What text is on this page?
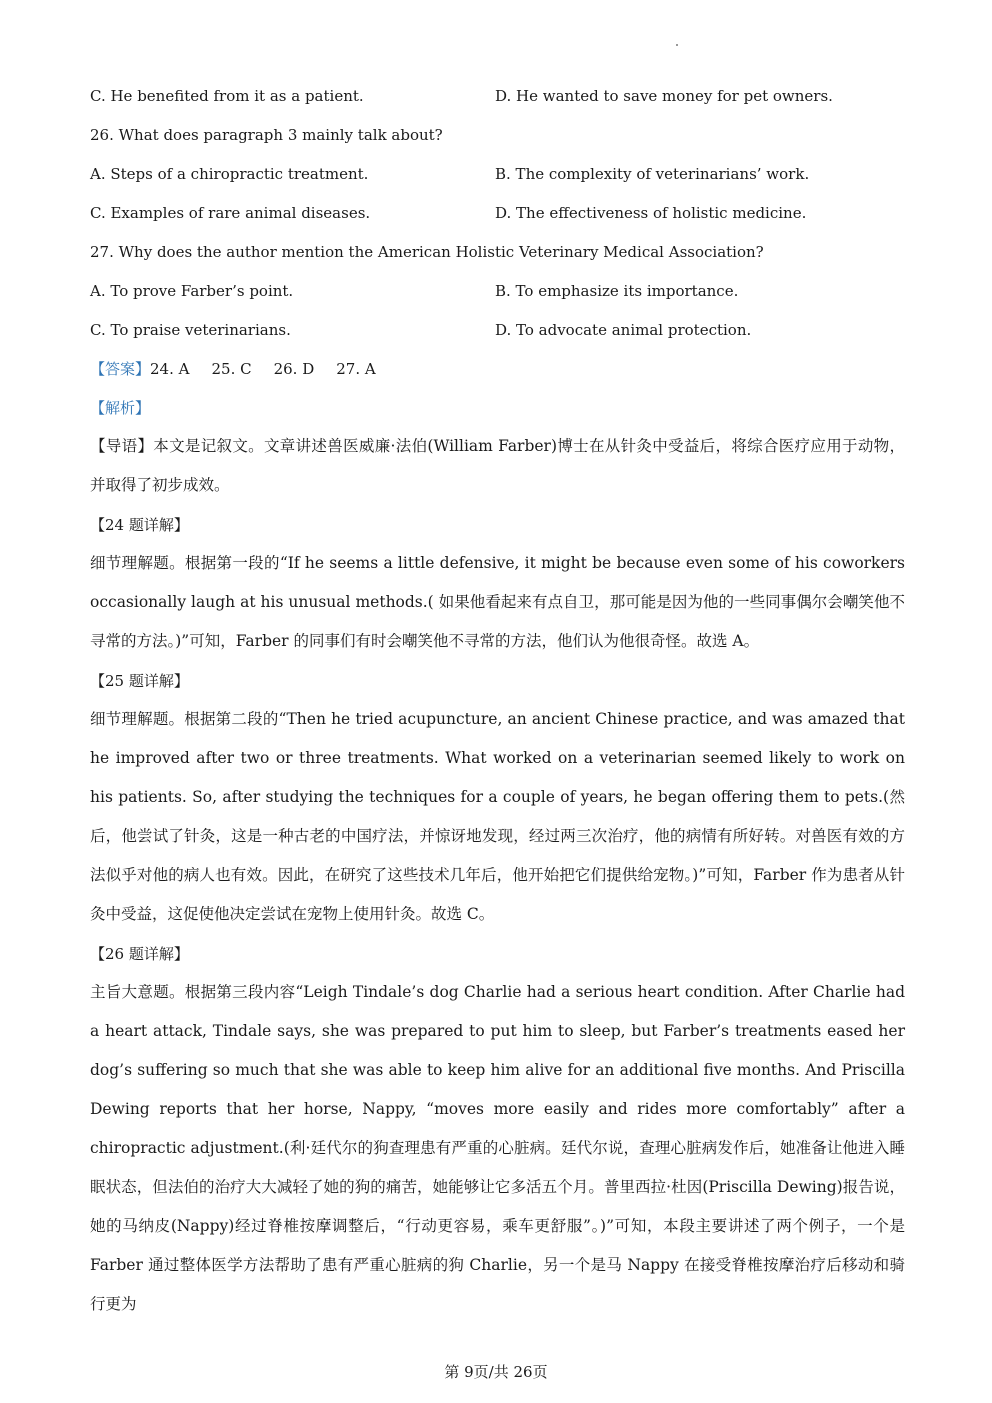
C. He benefited from it as a patient.	D. He wanted to save money for pet owners.
26. What does paragraph 3 mainly talk about?
A. Steps of a chiropractic treatment.	B. The complexity of veterinarians’ work.
C. Examples of rare animal diseases.	D. The effectiveness of holistic medicine.
27. Why does the author mention the American Holistic Veterinary Medical Association?
A. To prove Farber’s point.	B. To emphasize its importance.
C. To praise veterinarians.	D. To advocate animal protection.
【答案】24. A 25. C 26. D 27. A
【解析】
【导语】本文是记叙文。文章讲述兽医威廉·法伯(William Farber)博士在从针灸中受益后，将综合医疗应用于动物，并取得了初步成效。
【24 题详解】
细节理解题。根据第一段的“If he seems a little defensive, it might be because even some of his coworkers occasionally laugh at his unusual methods.( 如果他看起来有点自卫，那可能是因为他的一些同事偶尔会嘲笑他不寻常的方法。)”可知，Farber 的同事们有时会嘲笑他不寻常的方法，他们认为他很奇怪。故选 A。
【25 题详解】
细节理解题。根据第二段的“Then he tried acupuncture, an ancient Chinese practice, and was amazed that he improved after two or three treatments. What worked on a veterinarian seemed likely to work on his patients. So, after studying the techniques for a couple of years, he began offering them to pets.(然后，他尝试了针灸，这是一种古老的中国疗法，并惊讶地发现，经过两三次治疗，他的病情有所好转。对兽医有效的方法似乎对他的病人也有效。因此，在研究了这些技术几年后，他开始把它们提供给宠物。)”可知，Farber 作为患者从针灸中受益，这促使他决定尝试在宠物上使用针灸。故选 C。
【26 题详解】
主旨大意题。根据第三段内容“Leigh Tindale’s dog Charlie had a serious heart condition. After Charlie had a heart attack, Tindale says, she was prepared to put him to sleep, but Farber’s treatments eased her dog’s suffering so much that she was able to keep him alive for an additional five months. And Priscilla Dewing reports that her horse, Nappy, “moves more easily and rides more comfortably” after a chiropractic adjustment.(利·廷代尔的狗查理患有严重的心脏病。廷代尔说，查理心脏病发作后，她准备让他进入睡眠状态，但法伯的治疗大大减轻了她的狗的痛苦，她能够让它多活五个月。普里西拉·杜因(Priscilla Dewing)报告说，她的马纳皮(Nappy)经过脊椎按摩调整后，“行动更容易，乘车更舒服”。)”可知，本段主要讲述了两个例子，一个是 Farber 通过整体医学方法帮助了患有严重心脏病的狗 Charlie，另一个是马 Nappy 在接受脊椎按摩治疗后移动和骑行更为
第 9页/共 26页
